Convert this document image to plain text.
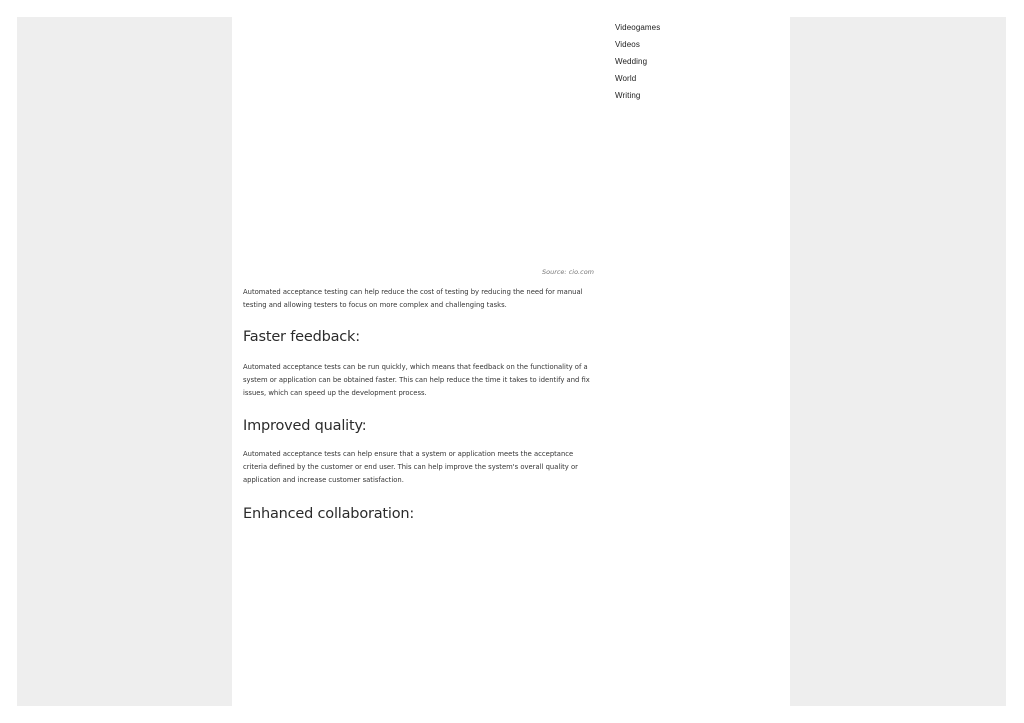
Videogames
Videos
Wedding
World
Writing
Source: cio.com

Automated acceptance testing can help reduce the cost of testing by reducing the need for manual testing and allowing testers to focus on more complex and challenging tasks.

Faster feedback:

Automated acceptance tests can be run quickly, which means that feedback on the functionality of a system or application can be obtained faster. This can help reduce the time it takes to identify and fix issues, which can speed up the development process.

Improved quality:

Automated acceptance tests can help ensure that a system or application meets the acceptance criteria defined by the customer or end user. This can help improve the system's overall quality or application and increase customer satisfaction.

Enhanced collaboration:
